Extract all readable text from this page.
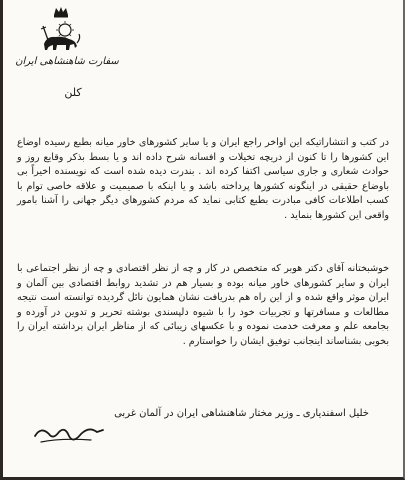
سفارت شاهنشاهی ایران
کلن

در کتب و انتشاراتیکه این اواخر راجع ایران و یا سایر کشورهای خاور میانه بطبع رسیده اوضاع این کشورها را تا کنون از دریچه تخیلات و افسانه شرح داده اند و یا بسط بذکر وقایع روز و حوادث شعاری و جاری سیاسی اکتفا کرده اند . بندرت دیده شده است که نویسنده اخیراً بی باوضاع حقیقی در اینگونه کشورها پرداخته باشد و یا اینکه با صمیمیت و علاقه خاصی توام با کسب اطلاعات کافی مبادرت بطبع کتابی نماید که مردم کشورهای دیگر جهانی را آشنا بامور واقعی این کشورها بنماید .

خوشبختانه آقای دکتر هوبر که متخصص در کار و چه از نظر اقتصادی و چه از نظر اجتماعی با ایران و سایر کشورهای خاور میانه بوده و بسیار هم در تشدید روابط اقتصادی بین آلمان و ایران موثر واقع شده و از این راه هم بدریافت نشان همایون نائل گردیده توانسته است نتیجه مطالعات و مسافرتها و تجربیات خود را با شیوه دلپسندی بوشته تحریر و تدوین در آورده و بجامعه علم و معرفت خدمت نموده و با عکسهای زیبائی که از مناظر ایران برداشته ایران را بخوبی بشناساند اینجانب توفیق ایشان را خواستارم .

خلیل اسفندیاری ـ وزیر مختار شاهنشاهی ایران در آلمان غربی
